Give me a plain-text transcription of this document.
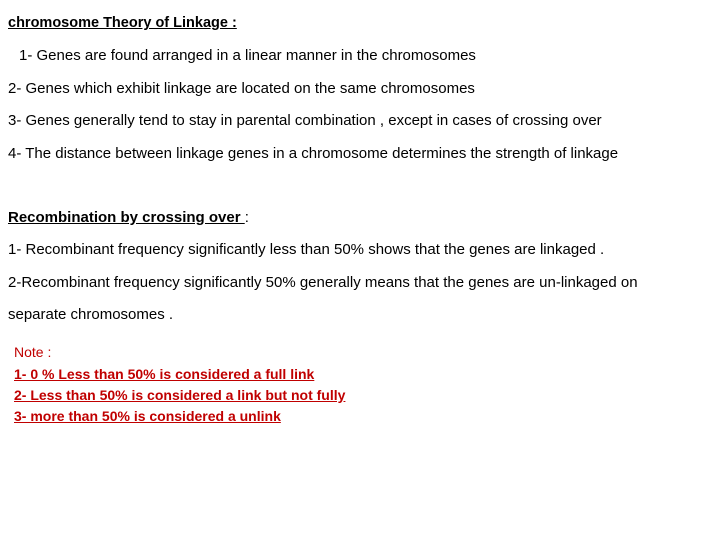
chromosome Theory of Linkage :
1- Genes are found arranged in a linear manner in the chromosomes
2- Genes which exhibit linkage are located on the same chromosomes
3- Genes generally tend to stay in parental combination , except in cases of crossing over
4- The distance between linkage genes in a chromosome determines the strength of linkage
Recombination by crossing over :
1- Recombinant frequency significantly less than 50% shows that the genes are linkaged .
2-Recombinant frequency significantly 50% generally means that the genes are un-linkaged on
separate chromosomes .
Note :
1- 0 % Less than 50% is considered a full link
2- Less than 50% is considered a link but not fully
3- more than 50% is considered a unlink
